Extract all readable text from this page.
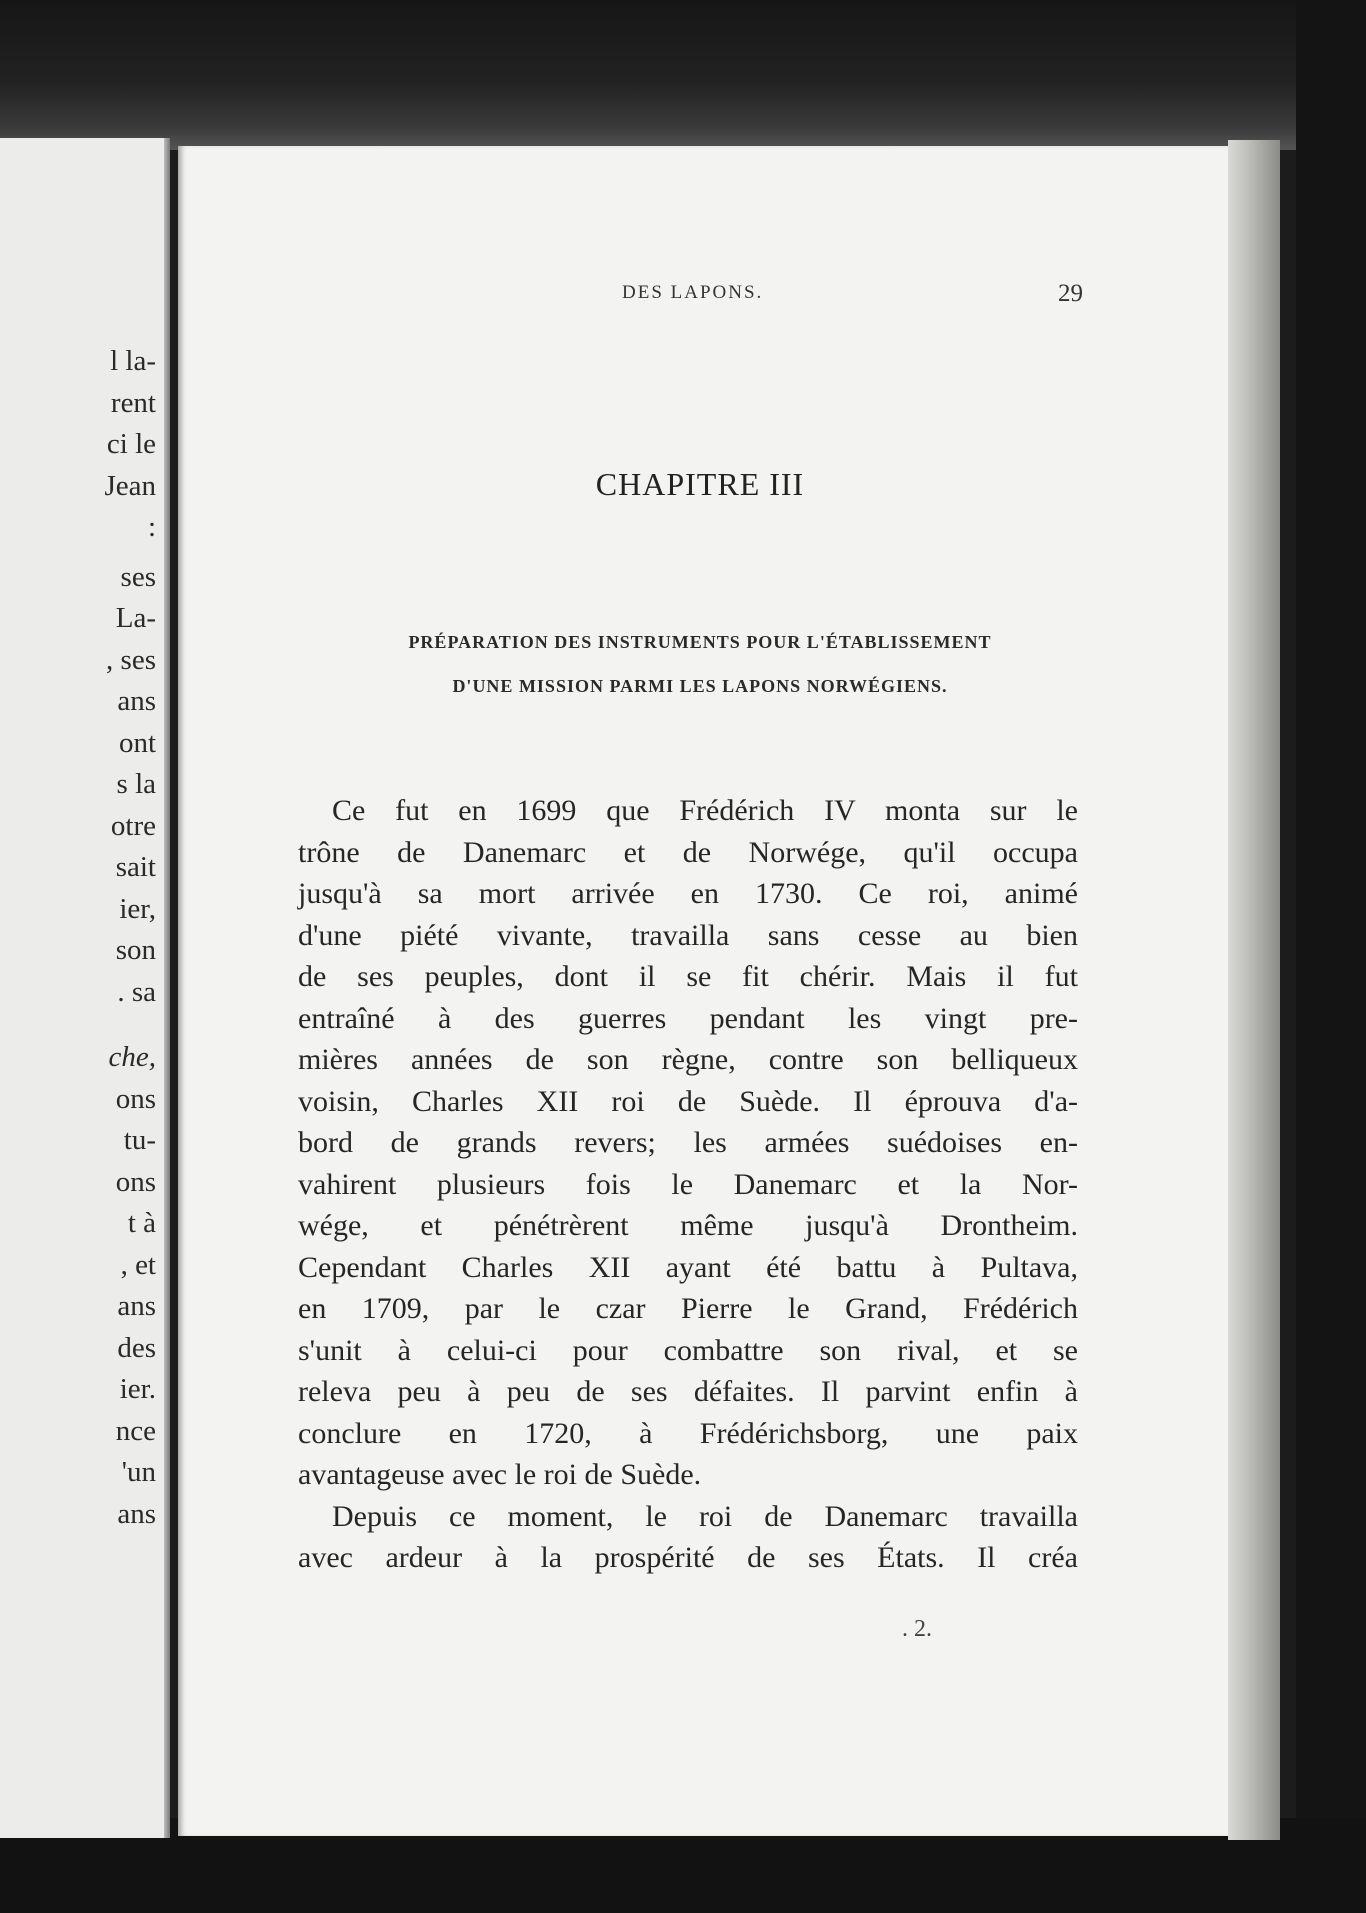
l la-
rent
ci le
Jean
:
ses
La-
, ses
ans
ont
s la
otre
sait
ier,
son
. sa
che,
ons
tu-
ons
t à
, et
ans
des
ier.
nce
'un
ans
DES LAPONS.	29
CHAPITRE III
PRÉPARATION DES INSTRUMENTS POUR L'ÉTABLISSEMENT
D'UNE MISSION PARMI LES LAPONS NORWÉGIENS.

Ce fut en 1699 que Frédérich IV monta sur le
trône de Danemarc et de Norwége, qu'il occupa
jusqu'à sa mort arrivée en 1730. Ce roi, animé
d'une piété vivante, travailla sans cesse au bien
de ses peuples, dont il se fit chérir. Mais il fut
entraîné à des guerres pendant les vingt pre-
mières années de son règne, contre son belliqueux
voisin, Charles XII roi de Suède. Il éprouva d'a-
bord de grands revers; les armées suédoises en-
vahirent plusieurs fois le Danemarc et la Nor-
wége, et pénétrèrent même jusqu'à Drontheim.
Cependant Charles XII ayant été battu à Pultava,
en 1709, par le czar Pierre le Grand, Frédérich
s'unit à celui-ci pour combattre son rival, et se
releva peu à peu de ses défaites. Il parvint enfin à
conclure en 1720, à Frédérichsborg, une paix
avantageuse avec le roi de Suède.

Depuis ce moment, le roi de Danemarc travailla
avec ardeur à la prospérité de ses États. Il créa

. 2.
